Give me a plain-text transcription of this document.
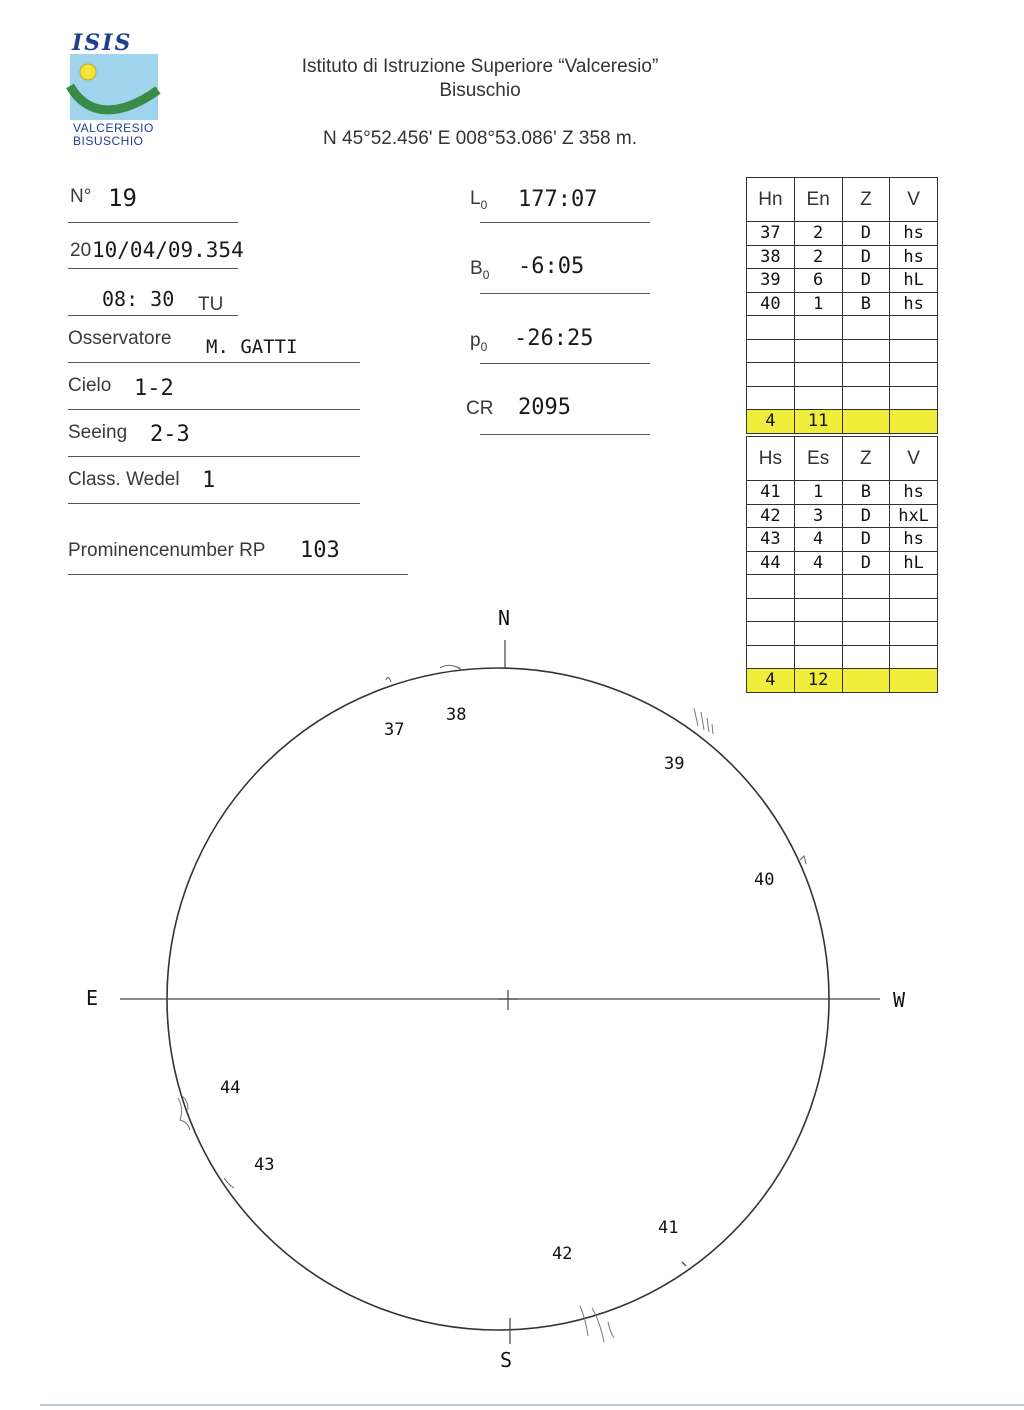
ISIS
VALCERESIO
BISUSCHIO
Istituto di Istruzione Superiore “Valceresio”
Bisuschio
N 45°52.456' E 008°53.086' Z 358 m.
N° 19
20 10/04/09.354
08: 30 TU
Osservatore M. GATTI
Cielo 1-2
Seeing 2-3
Class. Wedel 1
Prominencenumber RP 103
$L_0$ 177:07
$B_0$ -6:05
$p_0$ -26:25
CR 2095
Hn	En	Z	V
37	2	D	hs
38	2	D	hs
39	6	D	hL
40	1	B	hs

4	11		
Hs	Es	Z	V
41	1	B	hs
42	3	D	hxL
43	4	D	hs
44	4	D	hL

4	12		
N
S
E	W
37
38
39
40
41
42
43
44
